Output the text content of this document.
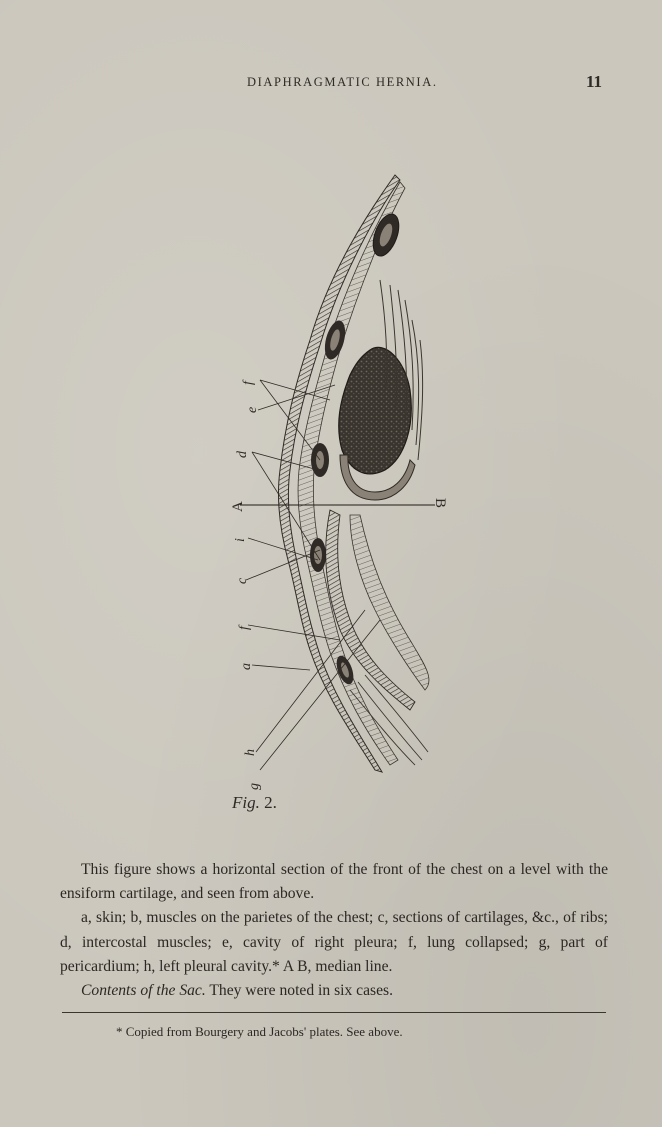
DIAPHRAGMATIC HERNIA.	11
f
e
d
i
c
f
a
h
g
A	B
Fig. 2.

This figure shows a horizontal section of the front of the chest on a level with the ensiform cartilage, and seen from above.

a, skin; b, muscles on the parietes of the chest; c, sections of cartilages, &c., of ribs; d, intercostal muscles; e, cavity of right pleura; f, lung collapsed; g, part of pericardium; h, left pleural cavity.* A B, median line.

Contents of the Sac. They were noted in six cases.

* Copied from Bourgery and Jacobs' plates. See above.
